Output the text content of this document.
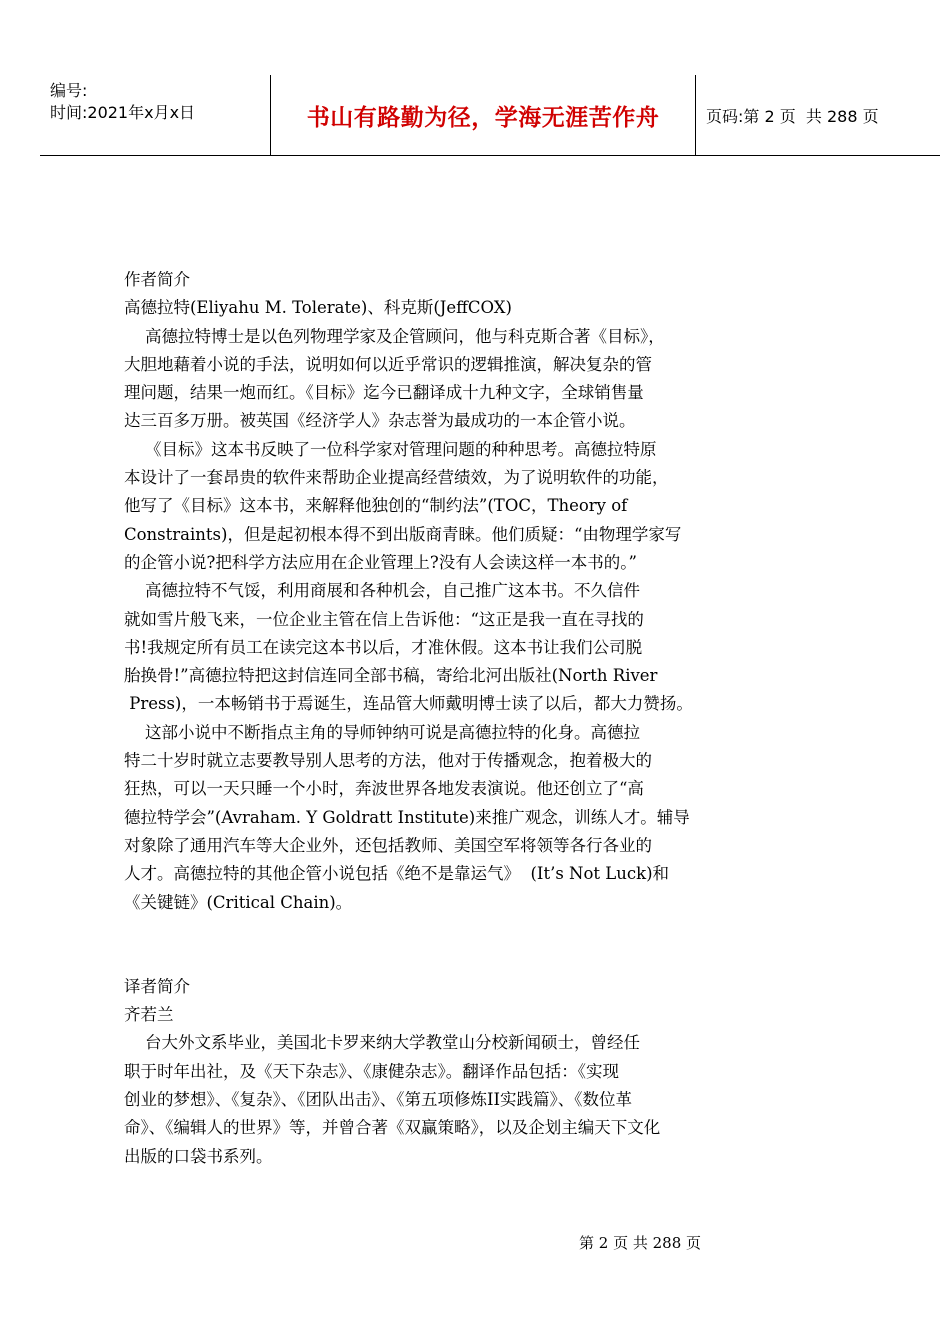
编号:
时间:2021年x月x日	书山有路勤为径，学海无涯苦作舟	页码:第 2 页  共 288 页
作者简介
高德拉特(Eliyahu M. Tolerate)、科克斯(JeffCOX)
高德拉特博士是以色列物理学家及企管顾问，他与科克斯合著《目标》，
大胆地藉着小说的手法，说明如何以近乎常识的逻辑推演，解决复杂的管
理问题，结果一炮而红。《目标》迄今已翻译成十九种文字，全球销售量
达三百多万册。被英国《经济学人》杂志誉为最成功的一本企管小说。
《目标》这本书反映了一位科学家对管理问题的种种思考。高德拉特原
本设计了一套昂贵的软件来帮助企业提高经营绩效，为了说明软件的功能，
他写了《目标》这本书，来解释他独创的“制约法”(TOC，Theory of
Constraints)，但是起初根本得不到出版商青睐。他们质疑：“由物理学家写
的企管小说?把科学方法应用在企业管理上?没有人会读这样一本书的。”
高德拉特不气馁，利用商展和各种机会，自己推广这本书。不久信件
就如雪片般飞来，一位企业主管在信上告诉他：“这正是我一直在寻找的
书!我规定所有员工在读完这本书以后，才准休假。这本书让我们公司脱
胎换骨!”高德拉特把这封信连同全部书稿，寄给北河出版社(North River
Press)，一本畅销书于焉诞生，连品管大师戴明博士读了以后，都大力赞扬。
这部小说中不断指点主角的导师钟纳可说是高德拉特的化身。高德拉
特二十岁时就立志要教导别人思考的方法，他对于传播观念，抱着极大的
狂热，可以一天只睡一个小时，奔波世界各地发表演说。他还创立了“高
德拉特学会”(Avraham. Y Goldratt Institute)来推广观念，训练人才。辅导
对象除了通用汽车等大企业外，还包括教师、美国空军将领等各行各业的
人才。高德拉特的其他企管小说包括《绝不是靠运气》  (It’s Not Luck)和
《关键链》(Critical Chain)。
译者简介
齐若兰
台大外文系毕业，美国北卡罗来纳大学教堂山分校新闻硕士，曾经任
职于时年出社，及《天下杂志》、《康健杂志》。翻译作品包括：《实现
创业的梦想》、《复杂》、《团队出击》、《第五项修炼II实践篇》、《数位革
命》、《编辑人的世界》等，并曾合著《双赢策略》，以及企划主编天下文化
出版的口袋书系列。
第 2 页 共 288 页
